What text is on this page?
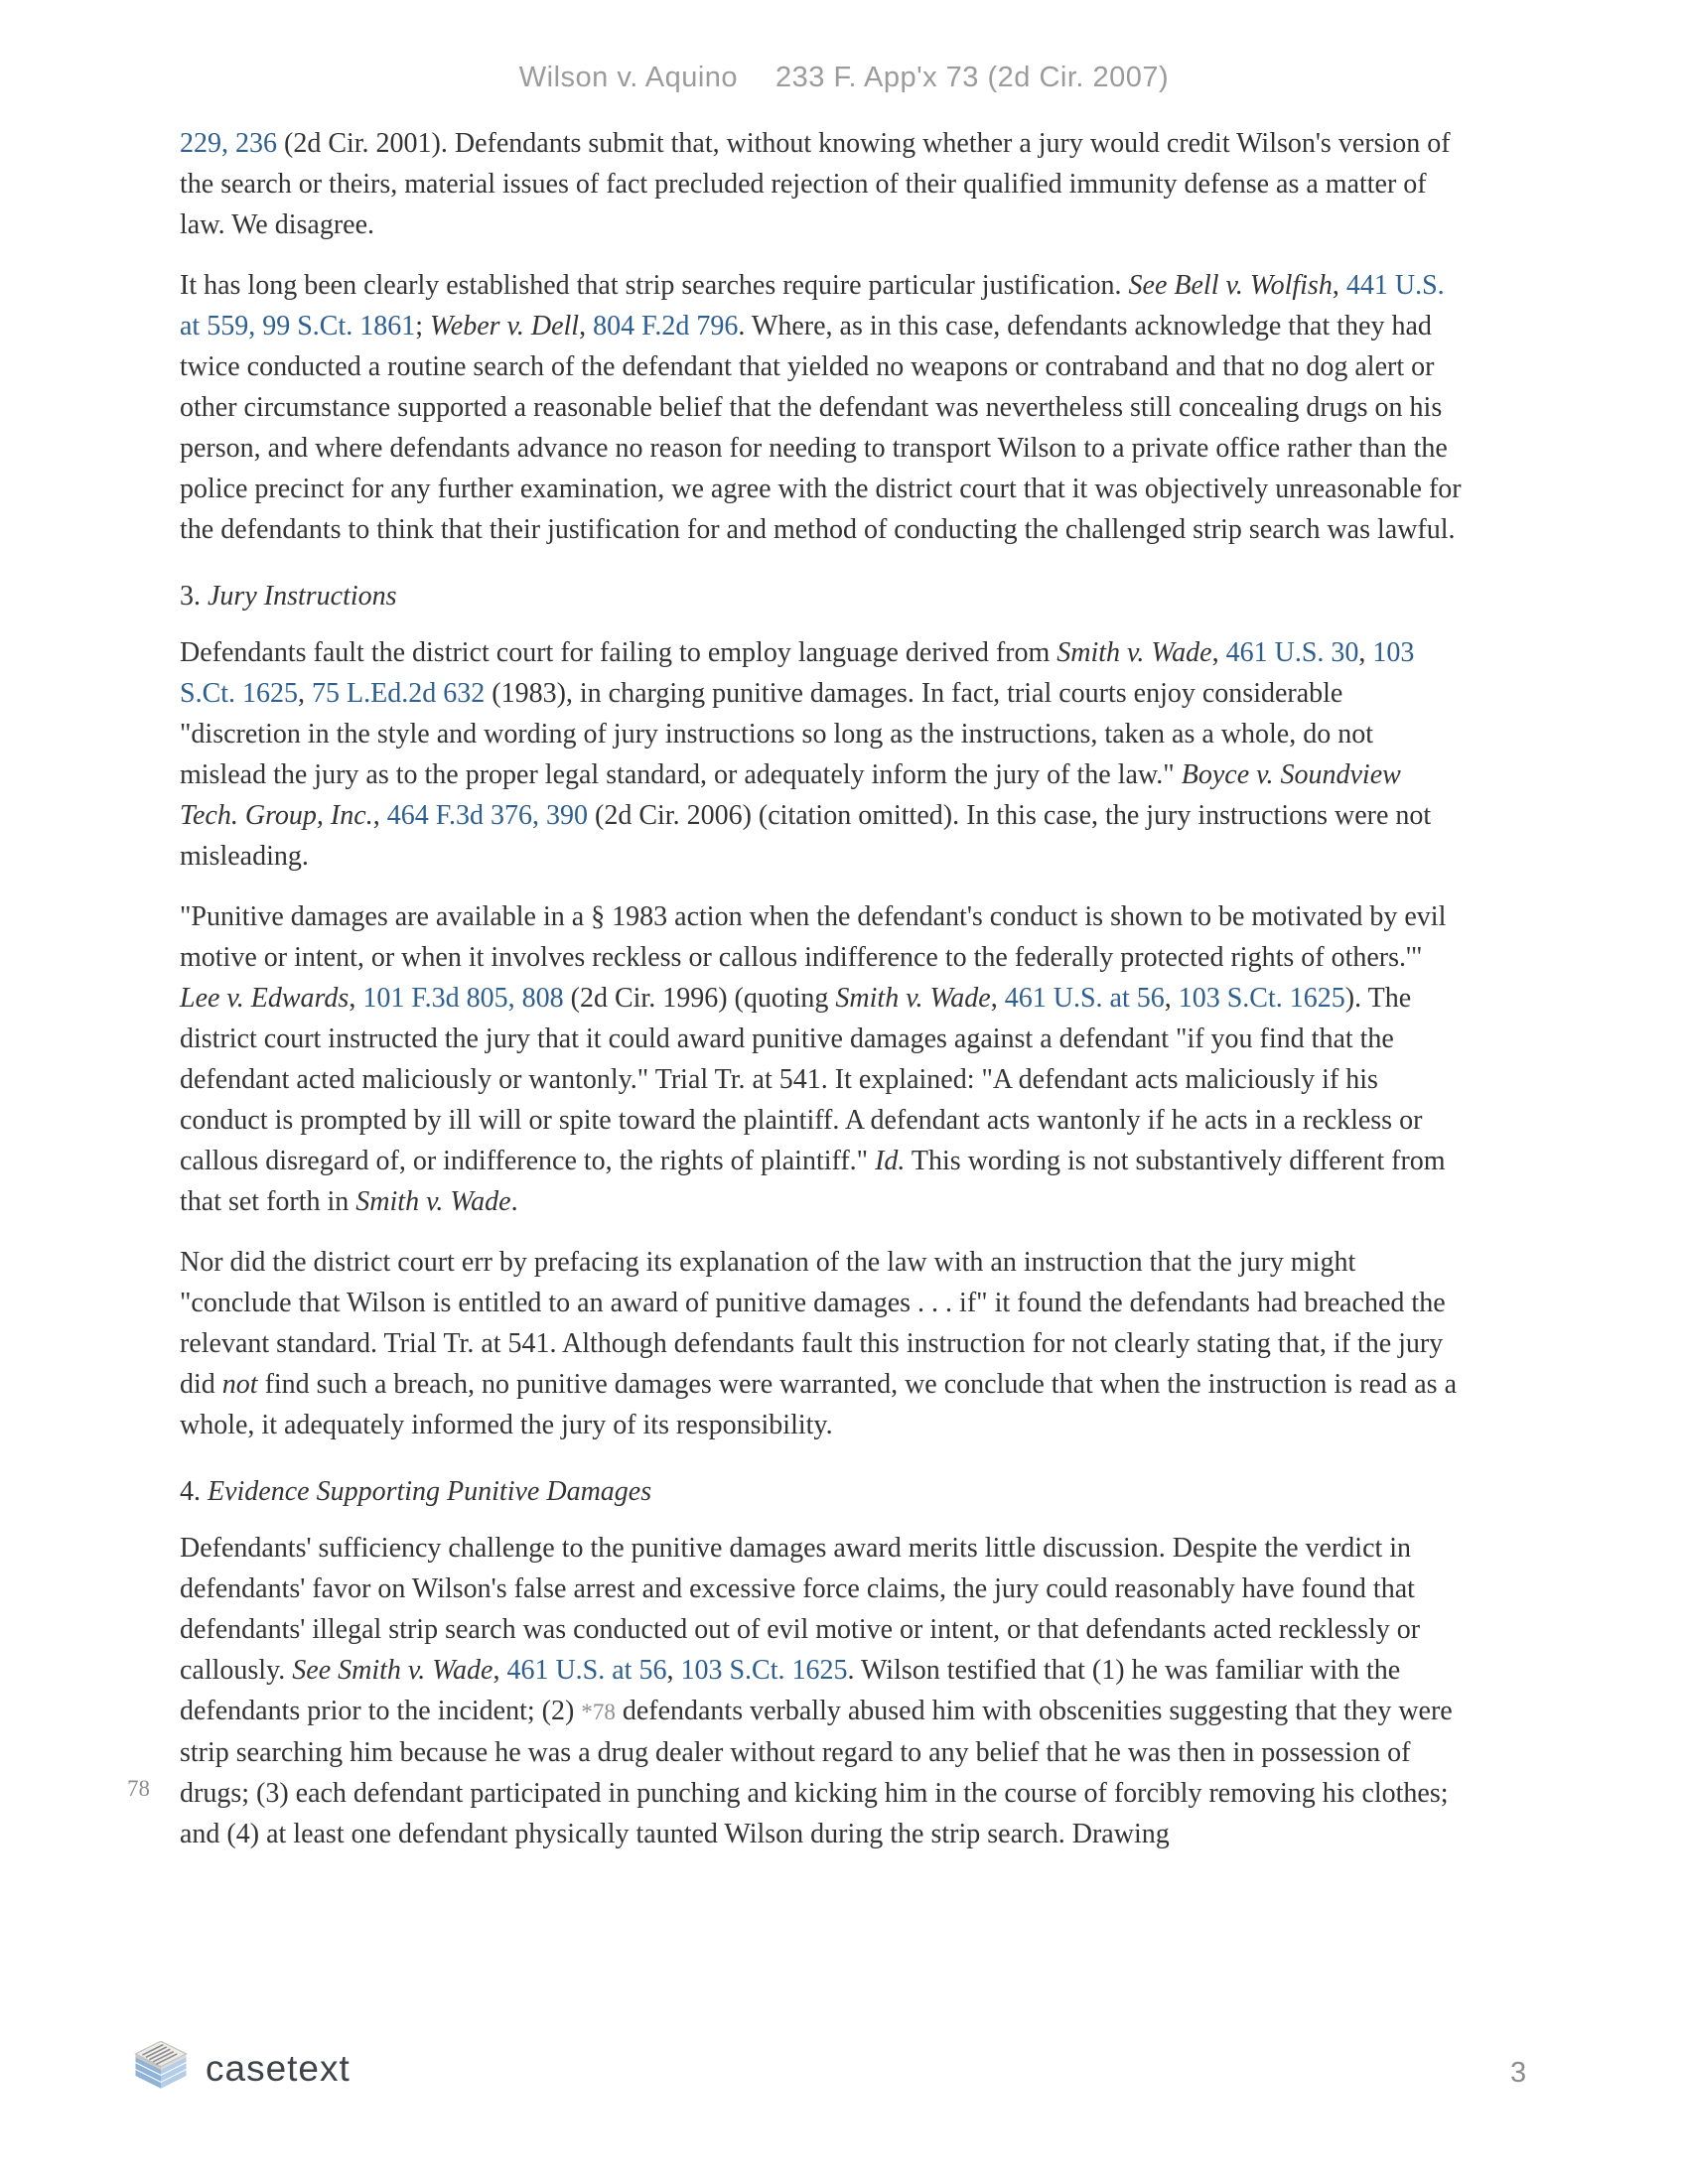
Wilson v. Aquino 233 F. App'x 73 (2d Cir. 2007)
78

229, 236 (2d Cir. 2001). Defendants submit that, without knowing whether a jury would credit Wilson's version of the search or theirs, material issues of fact precluded rejection of their qualified immunity defense as a matter of law. We disagree.

It has long been clearly established that strip searches require particular justification. See Bell v. Wolfish, 441 U.S. at 559, 99 S.Ct. 1861; Weber v. Dell, 804 F.2d 796. Where, as in this case, defendants acknowledge that they had twice conducted a routine search of the defendant that yielded no weapons or contraband and that no dog alert or other circumstance supported a reasonable belief that the defendant was nevertheless still concealing drugs on his person, and where defendants advance no reason for needing to transport Wilson to a private office rather than the police precinct for any further examination, we agree with the district court that it was objectively unreasonable for the defendants to think that their justification for and method of conducting the challenged strip search was lawful.

3. Jury Instructions

Defendants fault the district court for failing to employ language derived from Smith v. Wade, 461 U.S. 30, 103 S.Ct. 1625, 75 L.Ed.2d 632 (1983), in charging punitive damages. In fact, trial courts enjoy considerable "discretion in the style and wording of jury instructions so long as the instructions, taken as a whole, do not mislead the jury as to the proper legal standard, or adequately inform the jury of the law." Boyce v. Soundview Tech. Group, Inc., 464 F.3d 376, 390 (2d Cir. 2006) (citation omitted). In this case, the jury instructions were not misleading.

"Punitive damages are available in a § 1983 action when the defendant's conduct is shown to be motivated by evil motive or intent, or when it involves reckless or callous indifference to the federally protected rights of others.'" Lee v. Edwards, 101 F.3d 805, 808 (2d Cir. 1996) (quoting Smith v. Wade, 461 U.S. at 56, 103 S.Ct. 1625). The district court instructed the jury that it could award punitive damages against a defendant "if you find that the defendant acted maliciously or wantonly." Trial Tr. at 541. It explained: "A defendant acts maliciously if his conduct is prompted by ill will or spite toward the plaintiff. A defendant acts wantonly if he acts in a reckless or callous disregard of, or indifference to, the rights of plaintiff." Id. This wording is not substantively different from that set forth in Smith v. Wade.

Nor did the district court err by prefacing its explanation of the law with an instruction that the jury might "conclude that Wilson is entitled to an award of punitive damages . . . if" it found the defendants had breached the relevant standard. Trial Tr. at 541. Although defendants fault this instruction for not clearly stating that, if the jury did not find such a breach, no punitive damages were warranted, we conclude that when the instruction is read as a whole, it adequately informed the jury of its responsibility.

4. Evidence Supporting Punitive Damages

Defendants' sufficiency challenge to the punitive damages award merits little discussion. Despite the verdict in defendants' favor on Wilson's false arrest and excessive force claims, the jury could reasonably have found that defendants' illegal strip search was conducted out of evil motive or intent, or that defendants acted recklessly or callously. See Smith v. Wade, 461 U.S. at 56, 103 S.Ct. 1625. Wilson testified that (1) he was familiar with the defendants prior to the incident; (2) *78 defendants verbally abused him with obscenities suggesting that they were strip searching him because he was a drug dealer without regard to any belief that he was then in possession of drugs; (3) each defendant participated in punching and kicking him in the course of forcibly removing his clothes; and (4) at least one defendant physically taunted Wilson during the strip search. Drawing

casetext	3
